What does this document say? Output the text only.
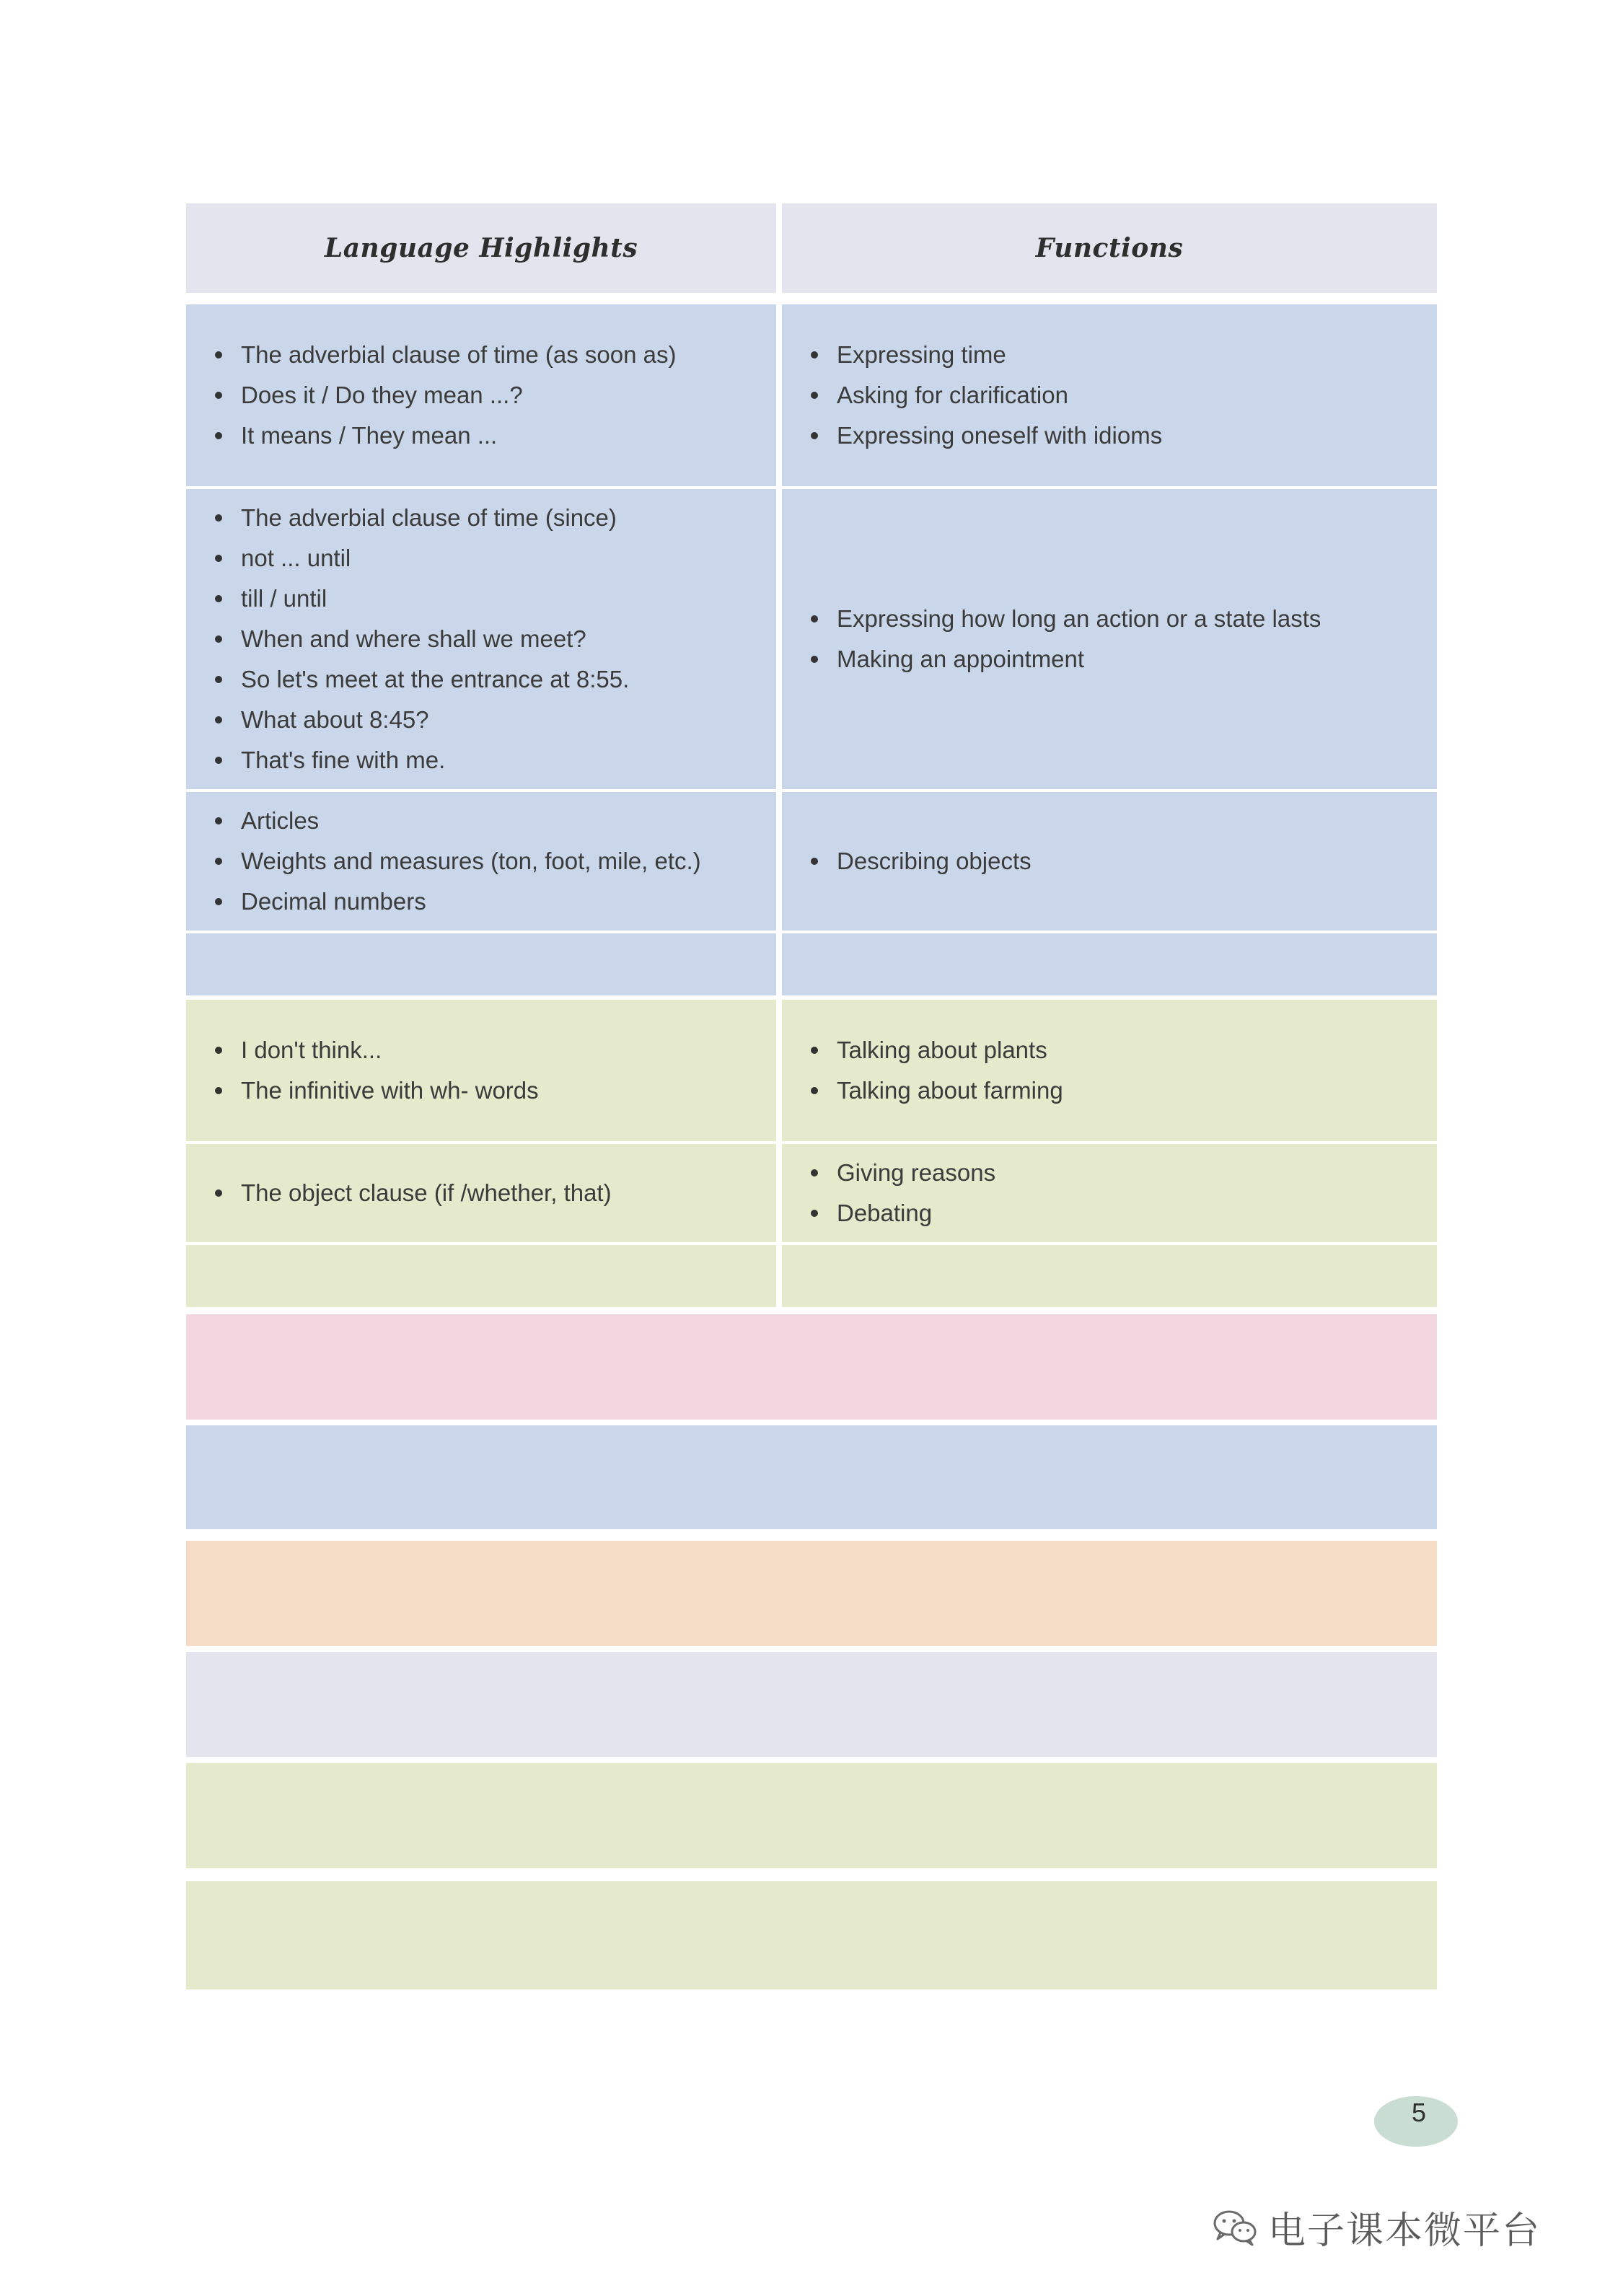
Language Highlights	Functions
The adverbial clause of time (as soon as)
Does it / Do they mean ...?
It means / They mean ...
Expressing time
Asking for clarification
Expressing oneself with idioms
The adverbial clause of time (since)
not ... until
till / until
When and where shall we meet?
So let's meet at the entrance at 8:55.
What about 8:45?
That's fine with me.
Expressing how long an action or a state lasts
Making an appointment
Articles
Weights and measures (ton, foot, mile, etc.)
Decimal numbers
Describing objects
I don't think...
The infinitive with wh- words
Talking about plants
Talking about farming
The object clause (if /whether, that)
Giving reasons
Debating
5
电子课本微平台
